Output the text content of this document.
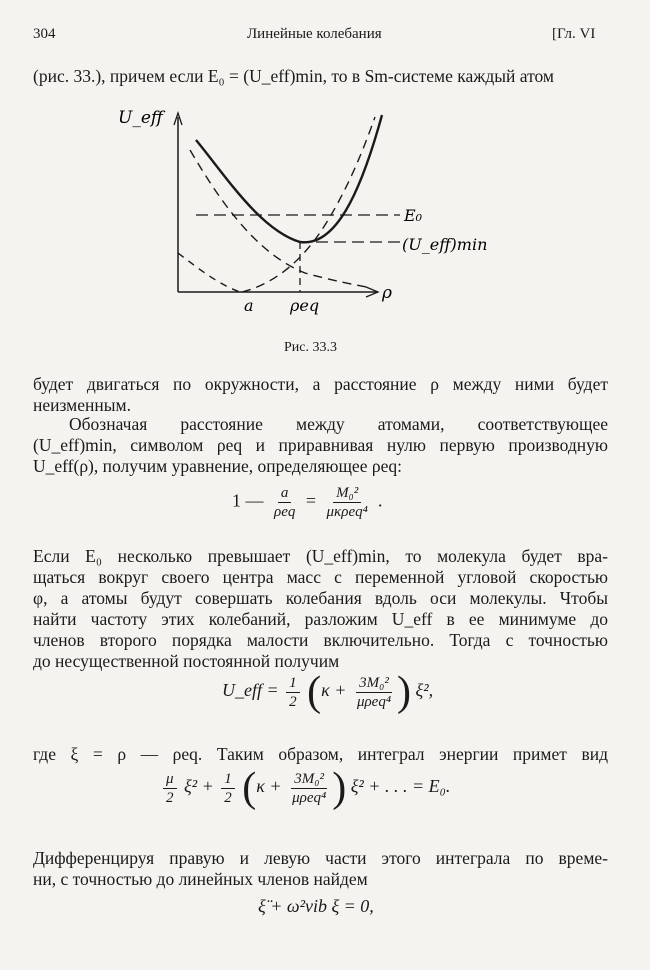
304	Линейные колебания	[Гл. VI
(рис. 33.), причем если E₀ = (U_eff)min, то в Sm-системе каждый атом
U_eff
E₀
(U_eff)min
a ρeq
ρ
Рис. 33.3
будет двигаться по окружности, а расстояние ρ между ними будет
неизменным.
Обозначая расстояние между атомами, соответствующее
(U_eff)min, символом ρeq и приравнивая нулю первую производную
U_eff(ρ), получим уравнение, определяющее ρeq:
1 — $\frac{a}{\text{ρeq}} = \frac{\text{M₀²}}{\text{μκρeq⁴}}$ .
Если E₀ несколько превышает (U_eff)min, то молекула будет вра-
щаться вокруг своего центра масс с переменной угловой скоростью
φ, а атомы будут совершать колебания вдоль оси молекулы. Чтобы
найти частоту этих колебаний, разложим U_eff в ее минимуме до
членов второго порядка малости включительно. Тогда с точностью
до несущественной постоянной получим
U_eff = $\frac{1}{2} (\kappa + \frac{\text{3M₀²}}{\text{μρeq⁴}}$ ) ξ²,
где ξ = ρ — ρeq. Таким образом, интеграл энергии примет вид
$\frac{\mu}{2} \xi^2 + \frac{1}{2} (\kappa + \frac{\text{3M₀²}}{\text{μρeq⁴}}$ ) ξ² + . . . = E₀.
Дифференцируя правую и левую части этого интеграла по време-
ни, с точностью до линейных членов найдем
ξ̈ + ω²vib ξ = 0,
